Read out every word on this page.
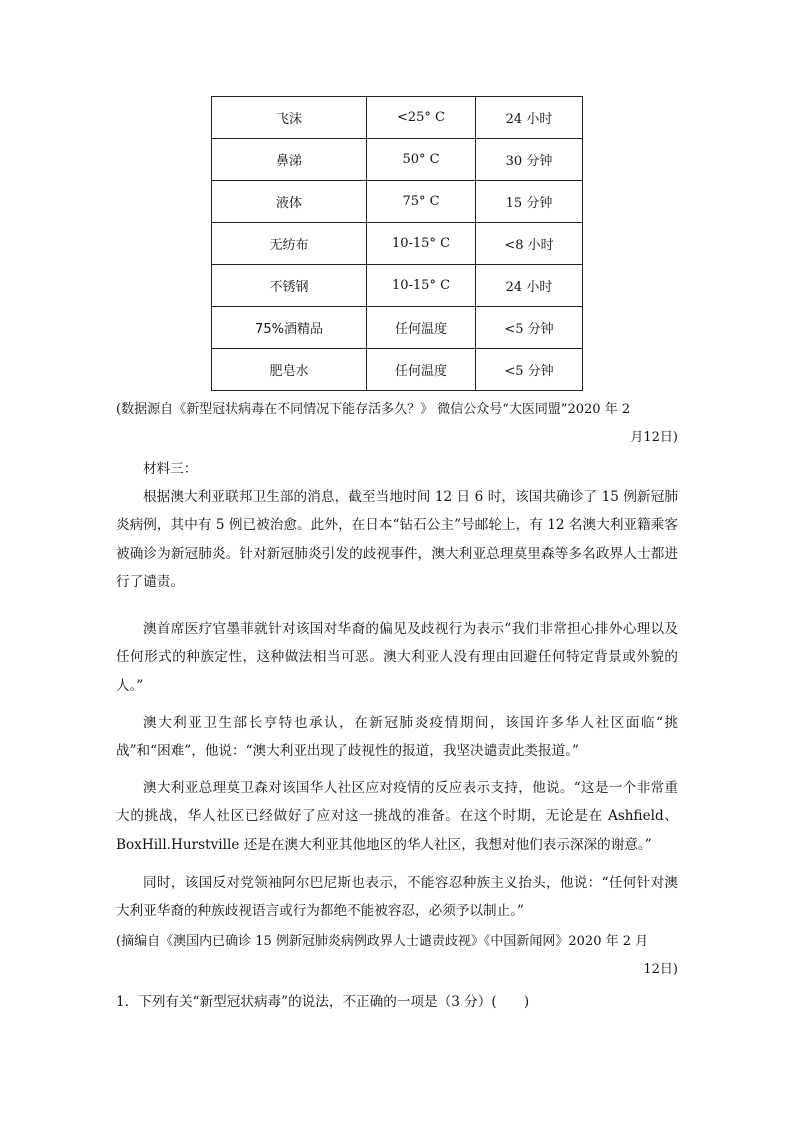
飞沫	<25° C	24 小时
鼻涕	50° C	30 分钟
液体	75° C	15 分钟
无纺布	10-15° C	<8 小时
不锈钢	10-15° C	24 小时
75%酒精品	任何温度	<5 分钟
肥皂水	任何温度	<5 分钟
(数据源自《新型冠状病毒在不同情况下能存活多久？》 微信公众号“大医同盟”2020 年 2
月12日)

材料三：

根据澳大利亚联邦卫生部的消息，截至当地时间 12 日 6 时，该国共确诊了 15 例新冠肺炎病例，其中有 5 例已被治愈。此外，在日本“钻石公主”号邮轮上，有 12 名澳大利亚籍乘客被确诊为新冠肺炎。针对新冠肺炎引发的歧视事件，澳大利亚总理莫里森等多名政界人士都进行了谴责。

澳首席医疗官墨菲就针对该国对华裔的偏见及歧视行为表示“我们非常担心排外心理以及任何形式的种族定性，这种做法相当可恶。澳大利亚人没有理由回避任何特定背景或外貌的人。”

澳大利亚卫生部长亨特也承认，在新冠肺炎疫情期间，该国许多华人社区面临“挑战”和“困难”，他说：“澳大利亚出现了歧视性的报道，我坚决谴责此类报道。”

澳大利亚总理莫卫森对该国华人社区应对疫情的反应表示支持，他说。“这是一个非常重大的挑战，华人社区已经做好了应对这一挑战的准备。在这个时期，无论是在 Ashfield、BoxHill.Hurstville 还是在澳大利亚其他地区的华人社区，我想对他们表示深深的谢意。”

同时，该国反对党领袖阿尔巴尼斯也表示，不能容忍种族主义抬头，他说：“任何针对澳大利亚华裔的种族歧视语言或行为都绝不能被容忍，必须予以制止。”

(摘编自《澳国内已确诊 15 例新冠肺炎病例政界人士谴责歧视》《中国新闻网》2020 年 2 月
12日)
1．下列有关“新型冠状病毒”的说法，不正确的一项是（3 分）(　　)
